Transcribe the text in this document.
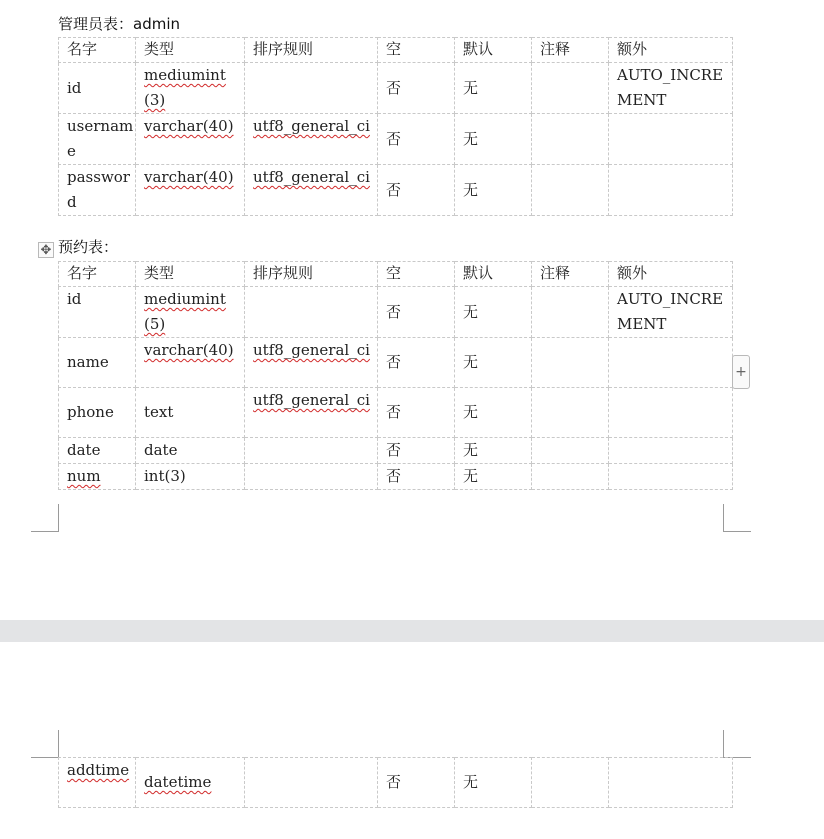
管理员表：admin
名字	类型	排序规则	空	默认	注释	额外
id	mediumint(3)		否	无		AUTO_INCREMENT
username	varchar(40)	utf8_general_ci	否	无		
password	varchar(40)	utf8_general_ci	否	无		
✥ 预约表：
名字	类型	排序规则	空	默认	注释	额外
id	mediumint(5)		否	无		AUTO_INCREMENT
name	varchar(40)	utf8_general_ci	否	无		
phone	text	utf8_general_ci	否	无		
date	date		否	无		
num	int(3)		否	无		
+
addtime	datetime		否	无		
